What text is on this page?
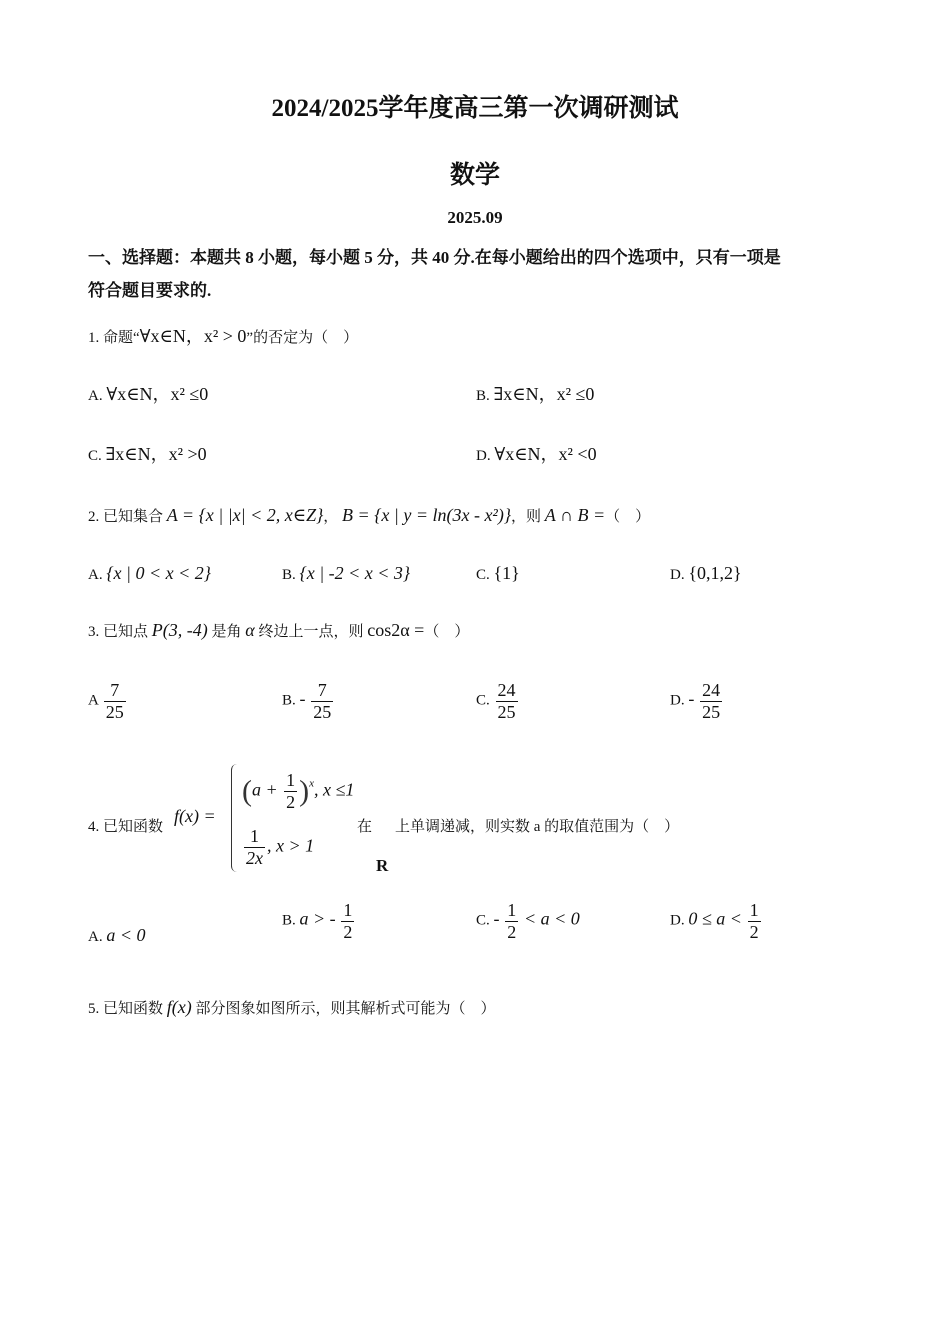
2024/2025学年度高三第一次调研测试
数学
2025.09
一、选择题：本题共 8 小题，每小题 5 分，共 40 分.在每小题给出的四个选项中，只有一项是
符合题目要求的.
1. 命题“∀x∈N，x² > 0”的否定为（　）
A. ∀x∈N，x² ≤0	B. ∃x∈N，x² ≤0
C. ∃x∈N，x² >0	D. ∀x∈N，x² <0
2. 已知集合 A = {x | |x| < 2, x∈Z}， B = {x | y = ln(3x - x²)}，则 A ∩ B =（　）
A. {x | 0 < x < 2}	B. {x | -2 < x < 3}	C. {1}	D. {0,1,2}
3. 已知点 P(3, -4) 是角 α 终边上一点，则 cos2α =（　）
A $\frac{7}{25}$	B. - $\frac{7}{25}$	C. $\frac{24}{25}$	D. - $\frac{24}{25}$
4. 已知函数
f(x) =
$(a + \frac{1}{2} )^x$, x ≤1
$\frac{1}{2x}$ , x > 1
在 上单调递减，则实数 a 的取值范围为（　）
R
A. a < 0
B. a > - $\frac{1}{2}$	C. - $\frac{1}{2} < a < 0$	D. $0 \le a < \frac{1}{2}$
5. 已知函数 f(x) 部分图象如图所示，则其解析式可能为（　）
